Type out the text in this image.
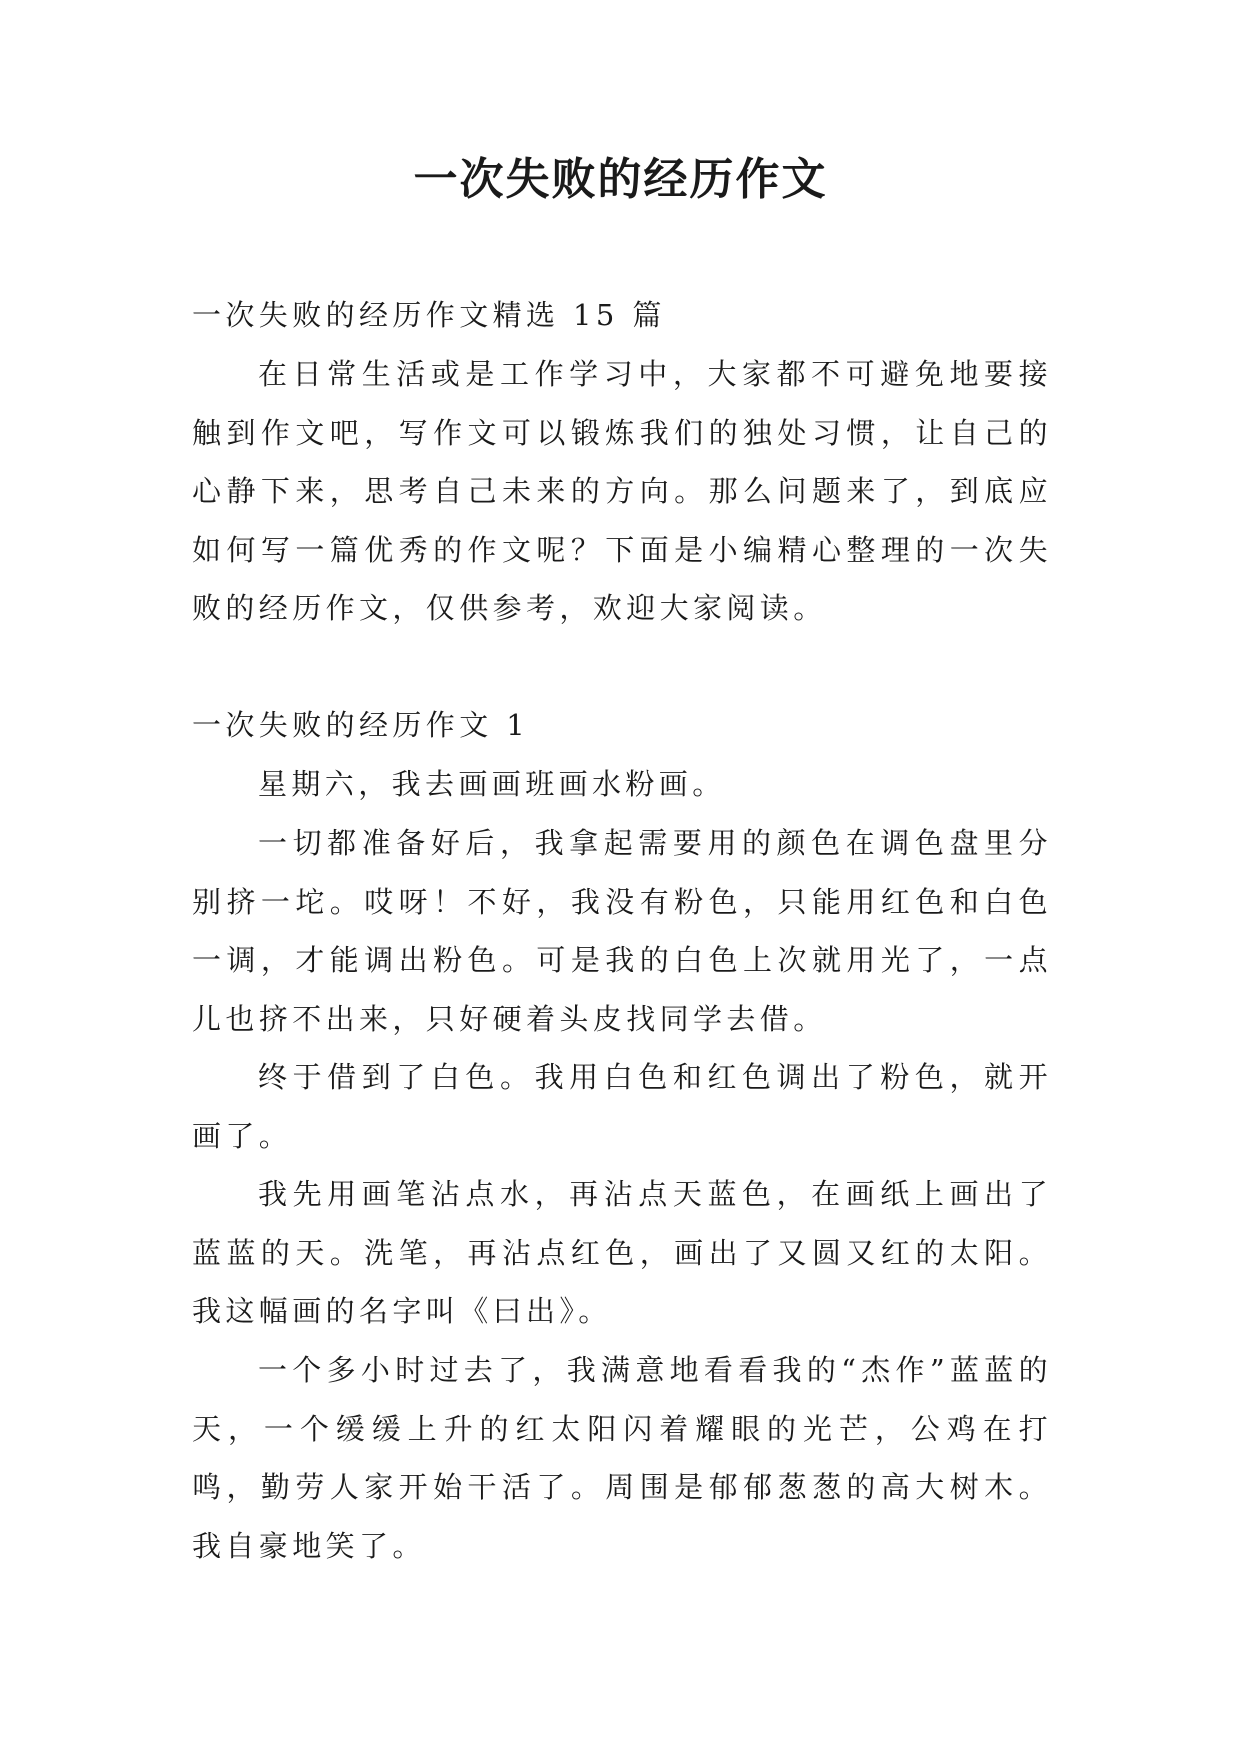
一次失败的经历作文

一次失败的经历作文精选 15 篇

在日常生活或是工作学习中，大家都不可避免地要接触到作文吧，写作文可以锻炼我们的独处习惯，让自己的心静下来，思考自己未来的方向。那么问题来了，到底应如何写一篇优秀的作文呢？下面是小编精心整理的一次失败的经历作文，仅供参考，欢迎大家阅读。

一次失败的经历作文 1

星期六，我去画画班画水粉画。

一切都准备好后，我拿起需要用的颜色在调色盘里分别挤一坨。哎呀！不好，我没有粉色，只能用红色和白色一调，才能调出粉色。可是我的白色上次就用光了，一点儿也挤不出来，只好硬着头皮找同学去借。

终于借到了白色。我用白色和红色调出了粉色，就开画了。

我先用画笔沾点水，再沾点天蓝色，在画纸上画出了蓝蓝的天。洗笔，再沾点红色，画出了又圆又红的太阳。我这幅画的名字叫《曰出》。

一个多小时过去了，我满意地看看我的“杰作”蓝蓝的天，一个缓缓上升的红太阳闪着耀眼的光芒，公鸡在打鸣，勤劳人家开始干活了。周围是郁郁葱葱的高大树木。我自豪地笑了。
